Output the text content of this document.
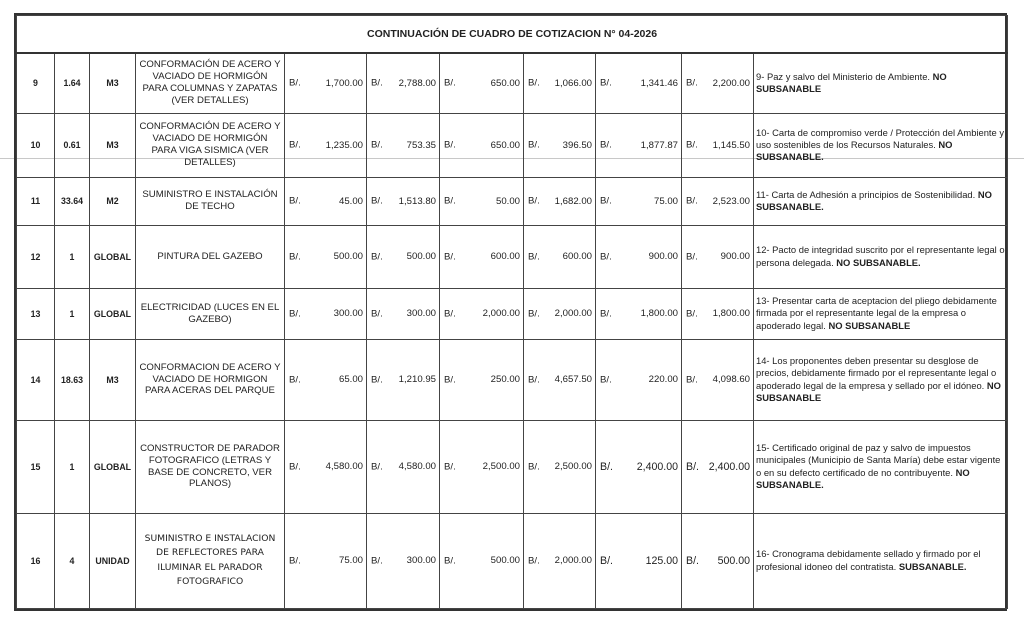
CONTINUACIÓN DE CUADRO DE COTIZACION N° 04-2026										
9	1.64	M3	CONFORMACIÓN DE ACERO Y VACIADO DE HORMIGÓN PARA COLUMNAS Y ZAPATAS (VER DETALLES)	B/. 1,700.00	B/. 2,788.00	B/. 650.00	B/. 1,066.00	B/. 1,341.46	B/. 2,200.00	9- Paz y salvo del Ministerio de Ambiente. NO SUBSANABLE
10	0.61	M3	CONFORMACIÓN DE ACERO Y VACIADO DE HORMIGÓN PARA VIGA SISMICA (VER DETALLES)	B/. 1,235.00	B/. 753.35	B/. 650.00	B/. 396.50	B/. 1,877.87	B/. 1,145.50	10- Carta de compromiso verde / Protección del Ambiente y uso sostenibles de los Recursos Naturales. NO SUBSANABLE.
11	33.64	M2	SUMINISTRO E INSTALACIÓN DE TECHO	B/. 45.00	B/. 1,513.80	B/. 50.00	B/. 1,682.00	B/. 75.00	B/. 2,523.00	11- Carta de Adhesión a principios de Sostenibilidad. NO SUBSANABLE.
12	1	GLOBAL	PINTURA DEL GAZEBO	B/. 500.00	B/. 500.00	B/. 600.00	B/. 600.00	B/. 900.00	B/. 900.00	12- Pacto de integridad suscrito por el representante legal o persona delegada. NO SUBSANABLE.
13	1	GLOBAL	ELECTRICIDAD (LUCES EN EL GAZEBO)	B/. 300.00	B/. 300.00	B/. 2,000.00	B/. 2,000.00	B/. 1,800.00	B/. 1,800.00	13- Presentar carta de aceptacion del pliego debidamente firmada por el representante legal de la empresa o apoderado legal. NO SUBSANABLE
14	18.63	M3	CONFORMACION DE ACERO Y VACIADO DE HORMIGON PARA ACERAS DEL PARQUE	B/. 65.00	B/. 1,210.95	B/. 250.00	B/. 4,657.50	B/. 220.00	B/. 4,098.60	14- Los proponentes deben presentar su desglose de precios, debidamente firmado por el representante legal o apoderado legal de la empresa y sellado por el idóneo. NO SUBSANABLE
15	1	GLOBAL	CONSTRUCTOR DE PARADOR FOTOGRAFICO (LETRAS Y BASE DE CONCRETO, VER PLANOS)	B/. 4,580.00	B/. 4,580.00	B/. 2,500.00	B/. 2,500.00	B/. 2,400.00	B/. 2,400.00	15- Certificado original de paz y salvo de impuestos municipales (Municipio de Santa María) debe estar vigente o en su defecto certificado de no contribuyente. NO SUBSANABLE.
16	4	UNIDAD	SUMINISTRO E INSTALACION DE REFLECTORES PARA ILUMINAR EL PARADOR FOTOGRAFICO	B/. 75.00	B/. 300.00	B/. 500.00	B/. 2,000.00	B/. 125.00	B/. 500.00	16- Cronograma debidamente sellado y firmado por el profesional idoneo del contratista. SUBSANABLE.
